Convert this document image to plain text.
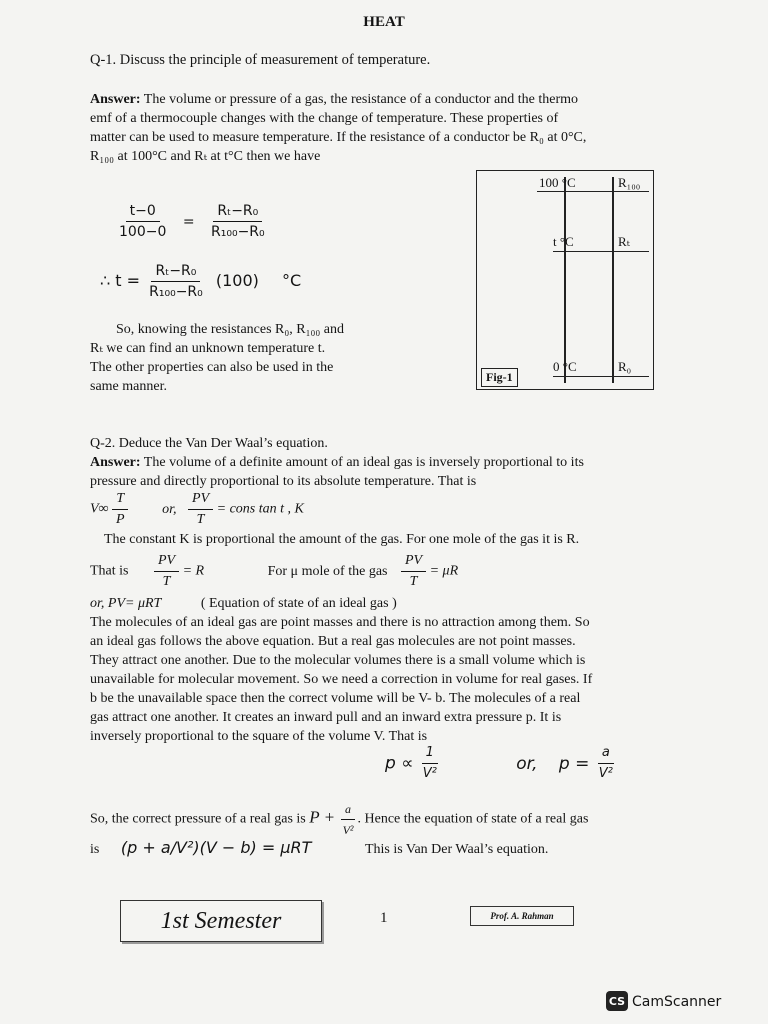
HEAT
Q-1. Discuss the principle of measurement of temperature.
Answer: The volume or pressure of a gas, the resistance of a conductor and the thermo
emf of a thermocouple changes with the change of temperature. These properties of
matter can be used to measure temperature. If the resistance of a conductor be R₀ at 0°C,
R₁₀₀ at 100°C and Rₜ at t°C then we have
$\frac{t-0}{100-0} = \frac{\text{Rₜ−R₀}}{\text{R₁₀₀−R₀}}$
∴ $t = \frac{\text{Rₜ−R₀}}{\text{R₁₀₀−R₀}} (100)$ °C
So, knowing the resistances R₀, R₁₀₀ and
Rₜ we can find an unknown temperature t.
The other properties can also be used in the
same manner.
100 °C	R₁₀₀
t °C	Rₜ
0 °C	R₀
Fig-1
Q-2. Deduce the Van Der Waal’s equation.
Answer: The volume of a definite amount of an ideal gas is inversely proportional to its
pressure and directly proportional to its absolute temperature. That is
$V\infty \frac{T}{P}$ or, $\frac{PV}{T}$ = cons tan t , K
The constant K is proportional the amount of the gas. For one mole of the gas it is R.
That is $\frac{PV}{T} = R$	For μ mole of the gas $\frac{PV}{T} = \mu R$
or, PV= μRT	( Equation of state of an ideal gas )
The molecules of an ideal gas are point masses and there is no attraction among them. So
an ideal gas follows the above equation. But a real gas molecules are not point masses.
They attract one another. Due to the molecular volumes there is a small volume which is
unavailable for molecular movement. So we need a correction in volume for real gases. If
b be the unavailable space then the correct volume will be V- b. The molecules of a real
gas attract one another. It creates an inward pull and an inward extra pressure p. It is
inversely proportional to the square of the volume V. That is
$p \propto \frac{1}{\text{V²}}$	or, $p = \frac{a}{\text{V²}}$
So, the correct pressure of a real gas is $P + \frac{a}{\text{V²}}$ . Hence the equation of state of a real gas
is (p + a/V²)(V − b) = μRT	This is Van Der Waal’s equation.
1st Semester	1	Prof. A. Rahman
CS CamScanner
